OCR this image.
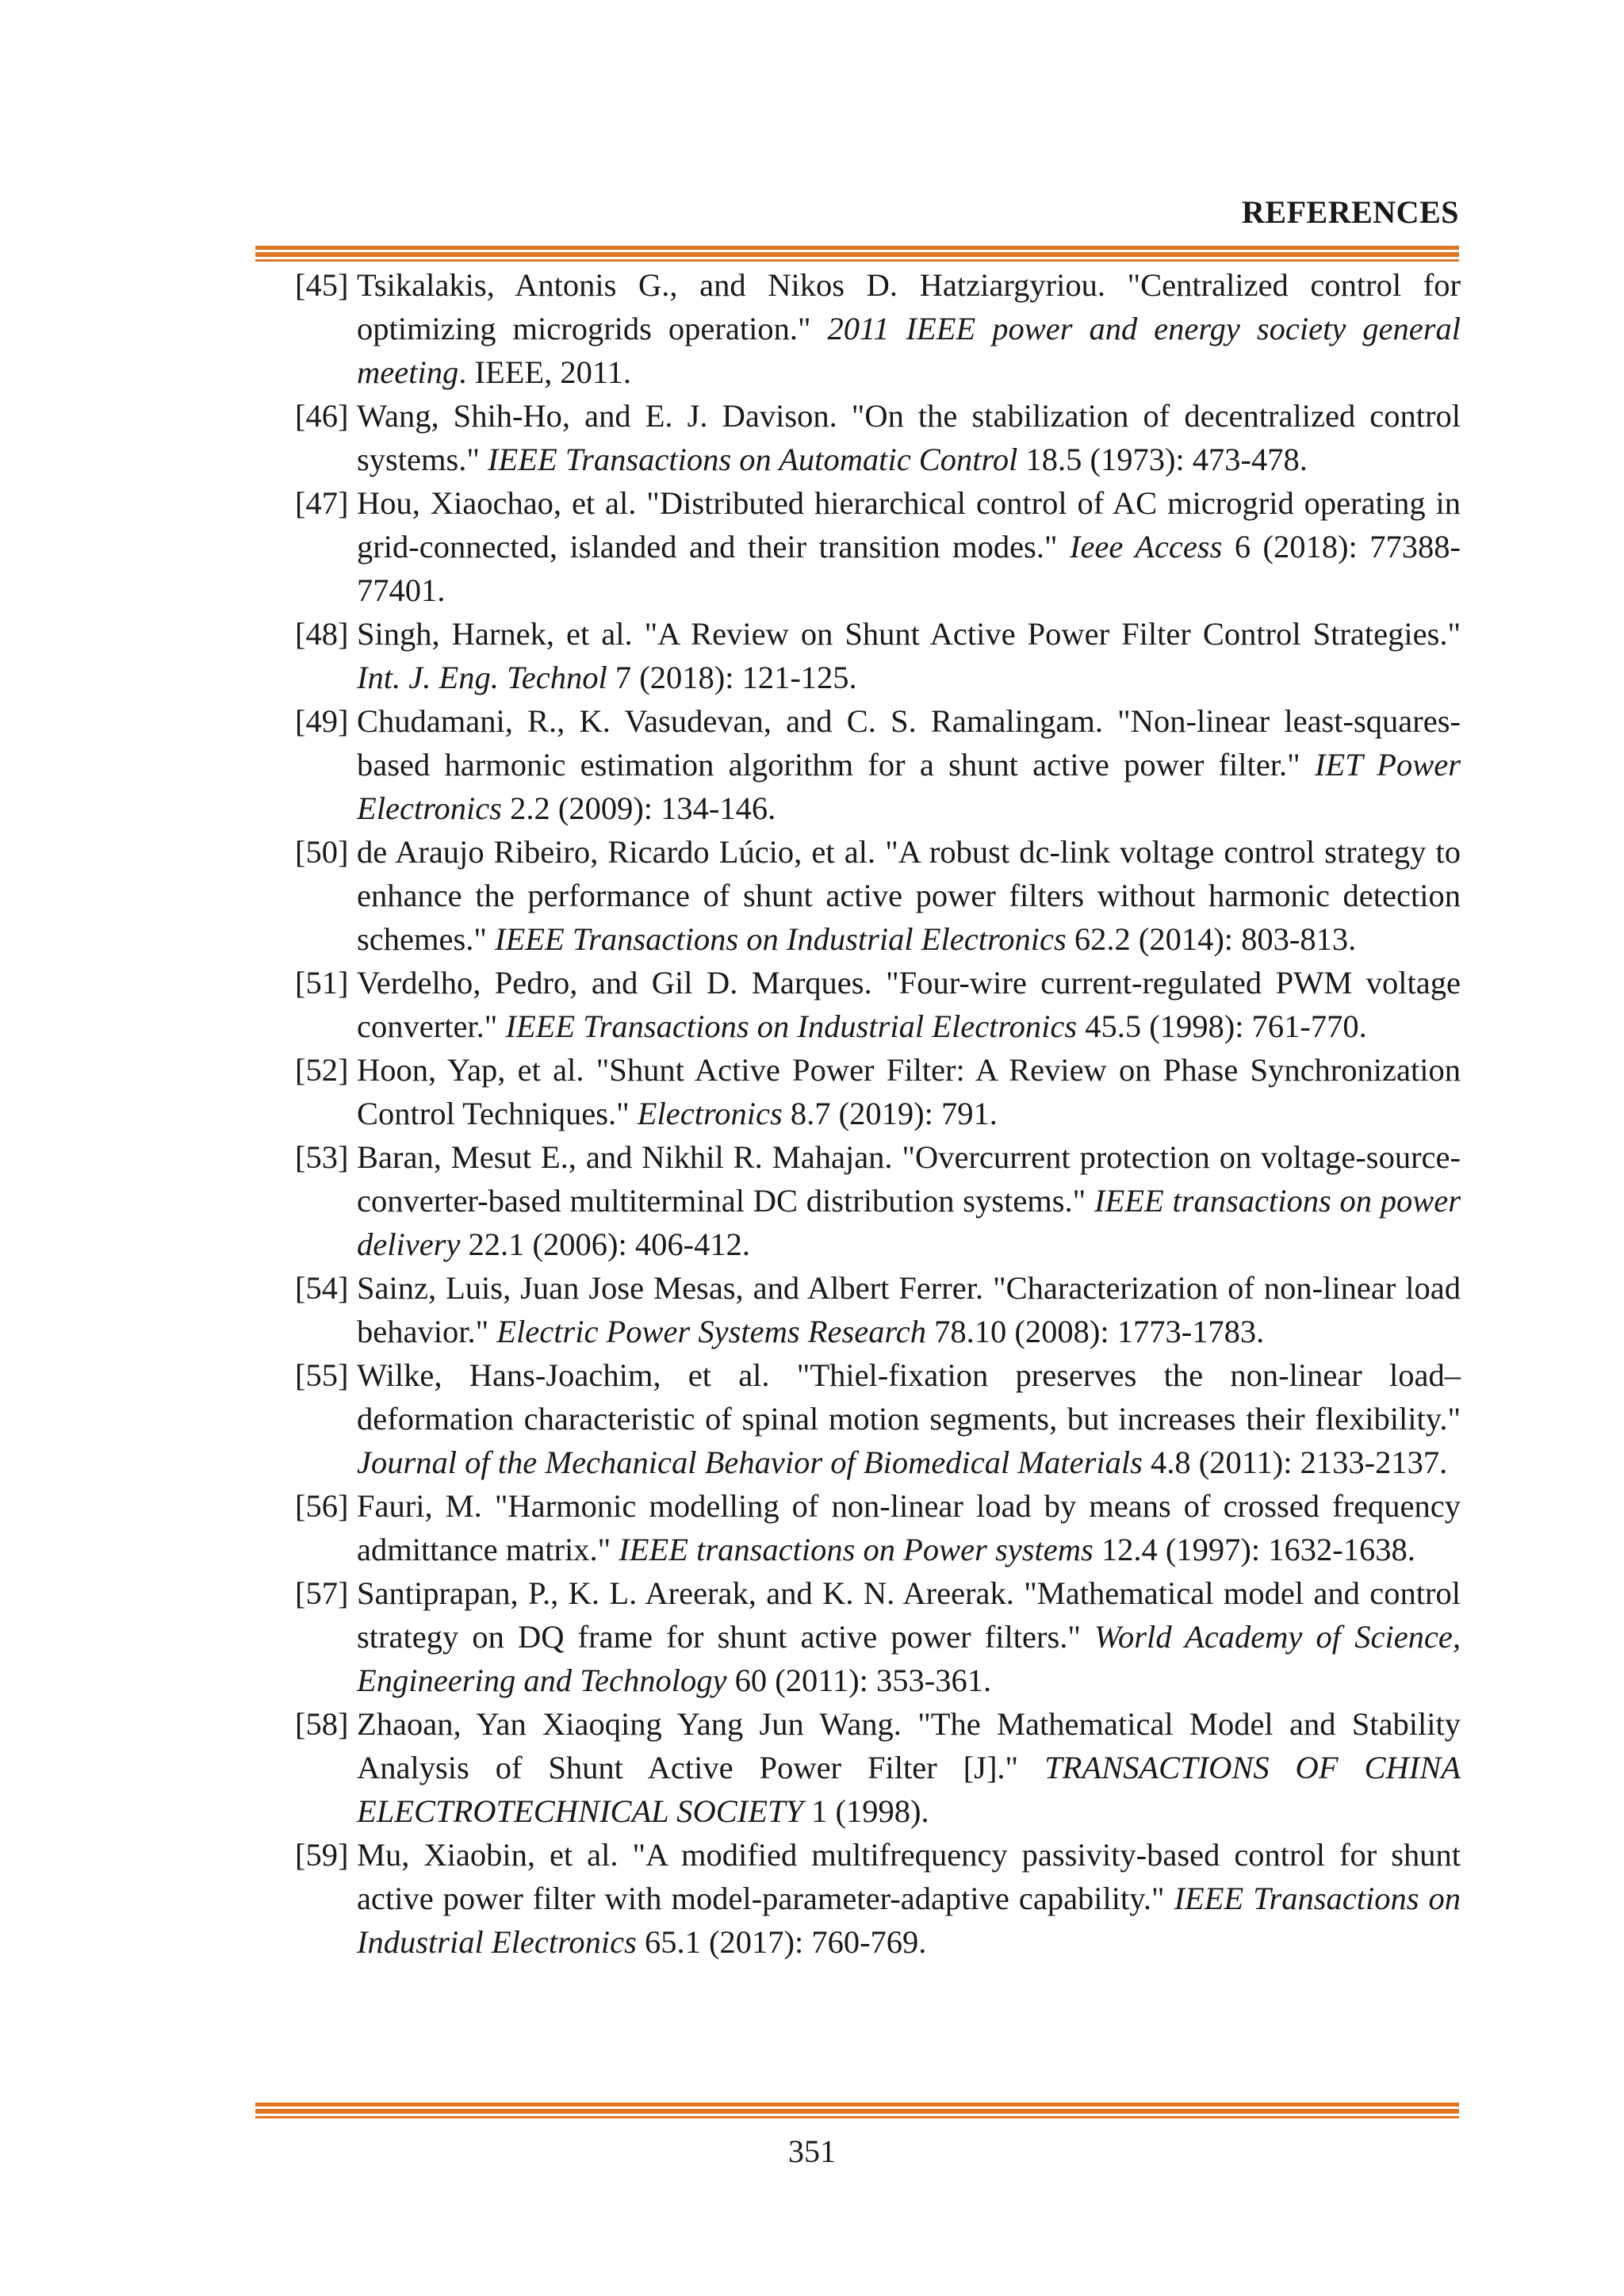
REFERENCES

[45] Tsikalakis, Antonis G., and Nikos D. Hatziargyriou. "Centralized control for optimizing microgrids operation." 2011 IEEE power and energy society general meeting. IEEE, 2011.

[46] Wang, Shih-Ho, and E. J. Davison. "On the stabilization of decentralized control systems." IEEE Transactions on Automatic Control 18.5 (1973): 473-478.

[47] Hou, Xiaochao, et al. "Distributed hierarchical control of AC microgrid operating in grid-connected, islanded and their transition modes." Ieee Access 6 (2018): 77388-77401.

[48] Singh, Harnek, et al. "A Review on Shunt Active Power Filter Control Strategies." Int. J. Eng. Technol 7 (2018): 121-125.

[49] Chudamani, R., K. Vasudevan, and C. S. Ramalingam. "Non-linear least-squares-based harmonic estimation algorithm for a shunt active power filter." IET Power Electronics 2.2 (2009): 134-146.

[50] de Araujo Ribeiro, Ricardo Lúcio, et al. "A robust dc-link voltage control strategy to enhance the performance of shunt active power filters without harmonic detection schemes." IEEE Transactions on Industrial Electronics 62.2 (2014): 803-813.

[51] Verdelho, Pedro, and Gil D. Marques. "Four-wire current-regulated PWM voltage converter." IEEE Transactions on Industrial Electronics 45.5 (1998): 761-770.

[52] Hoon, Yap, et al. "Shunt Active Power Filter: A Review on Phase Synchronization Control Techniques." Electronics 8.7 (2019): 791.

[53] Baran, Mesut E., and Nikhil R. Mahajan. "Overcurrent protection on voltage-source-converter-based multiterminal DC distribution systems." IEEE transactions on power delivery 22.1 (2006): 406-412.

[54] Sainz, Luis, Juan Jose Mesas, and Albert Ferrer. "Characterization of non-linear load behavior." Electric Power Systems Research 78.10 (2008): 1773-1783.

[55] Wilke, Hans-Joachim, et al. "Thiel-fixation preserves the non-linear load–deformation characteristic of spinal motion segments, but increases their flexibility." Journal of the Mechanical Behavior of Biomedical Materials 4.8 (2011): 2133-2137.

[56] Fauri, M. "Harmonic modelling of non-linear load by means of crossed frequency admittance matrix." IEEE transactions on Power systems 12.4 (1997): 1632-1638.

[57] Santiprapan, P., K. L. Areerak, and K. N. Areerak. "Mathematical model and control strategy on DQ frame for shunt active power filters." World Academy of Science, Engineering and Technology 60 (2011): 353-361.

[58] Zhaoan, Yan Xiaoqing Yang Jun Wang. "The Mathematical Model and Stability Analysis of Shunt Active Power Filter [J]." TRANSACTIONS OF CHINA ELECTROTECHNICAL SOCIETY 1 (1998).

[59] Mu, Xiaobin, et al. "A modified multifrequency passivity-based control for shunt active power filter with model-parameter-adaptive capability." IEEE Transactions on Industrial Electronics 65.1 (2017): 760-769.

351
